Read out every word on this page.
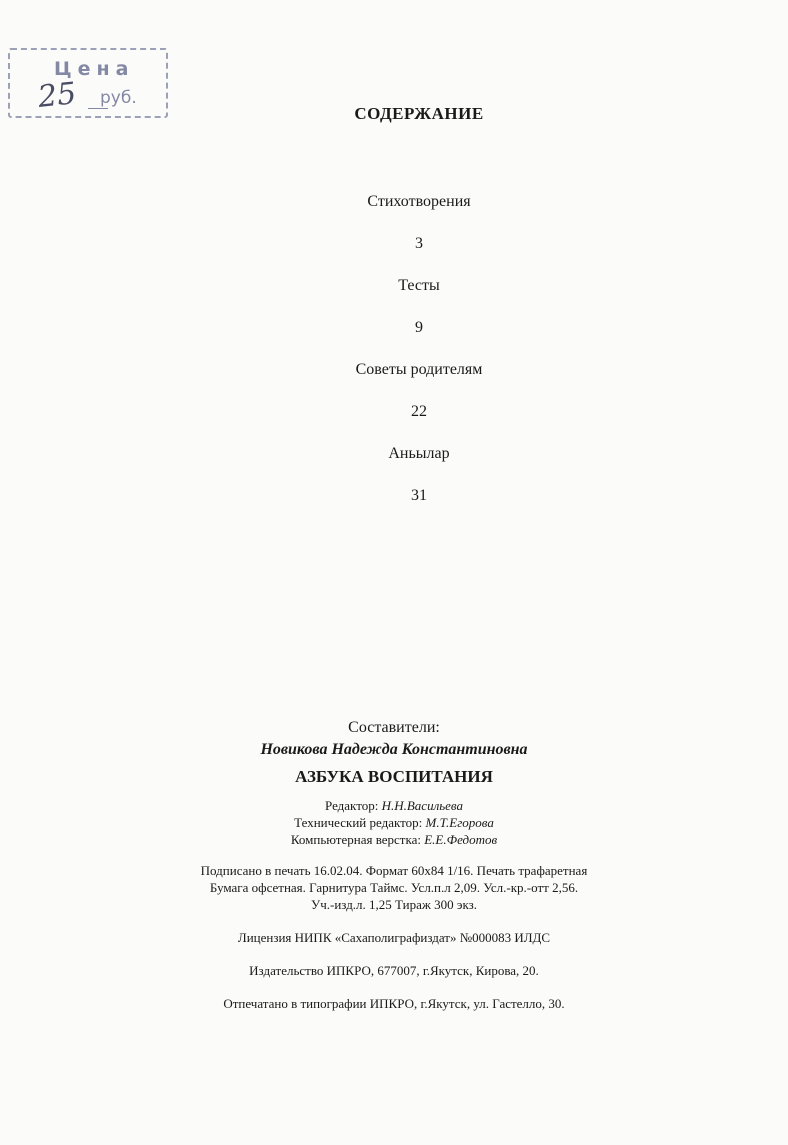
Цена
25 руб.
СОДЕРЖАНИЕ
Стихотворения
3
Тесты
9
Советы родителям
22
Аньылар
31
Составители:
Новикова Надежда Константиновна
АЗБУКА ВОСПИТАНИЯ
Редактор: Н.Н.Васильева
Технический редактор: М.Т.Егорова
Компьютерная верстка: Е.Е.Федотов
Подписано в печать 16.02.04. Формат 60х84 1/16. Печать трафаретная
Бумага офсетная. Гарнитура Таймс. Усл.п.л 2,09. Усл.-кр.-отт 2,56.
Уч.-изд.л. 1,25 Тираж 300 экз.
Лицензия НИПК «Сахаполиграфиздат» №000083 ИЛДС
Издательство ИПКРО, 677007, г.Якутск, Кирова, 20.
Отпечатано в типографии ИПКРО, г.Якутск, ул. Гастелло, 30.
